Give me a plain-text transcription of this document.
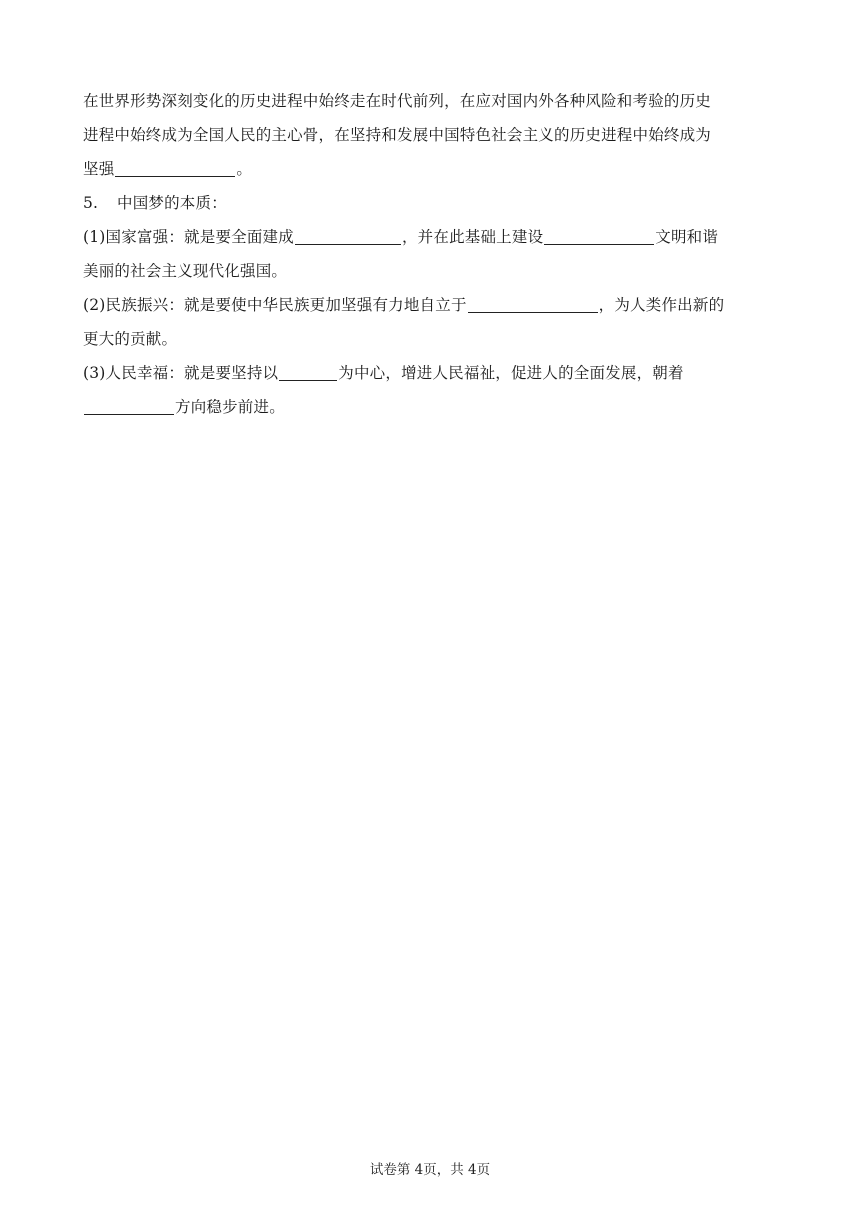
在世界形势深刻变化的历史进程中始终走在时代前列，在应对国内外各种风险和考验的历史
进程中始终成为全国人民的主心骨，在坚持和发展中国特色社会主义的历史进程中始终成为
坚强	。
5. 中国梦的本质：
(1)国家富强：就是要全面建成	，并在此基础上建设	文明和谐
美丽的社会主义现代化强国。
(2)民族振兴：就是要使中华民族更加坚强有力地自立于	，为人类作出新的
更大的贡献。
(3)人民幸福：就是要坚持以	为中心，增进人民福祉，促进人的全面发展，朝着
方向稳步前进。
试卷第 4页，共 4页
